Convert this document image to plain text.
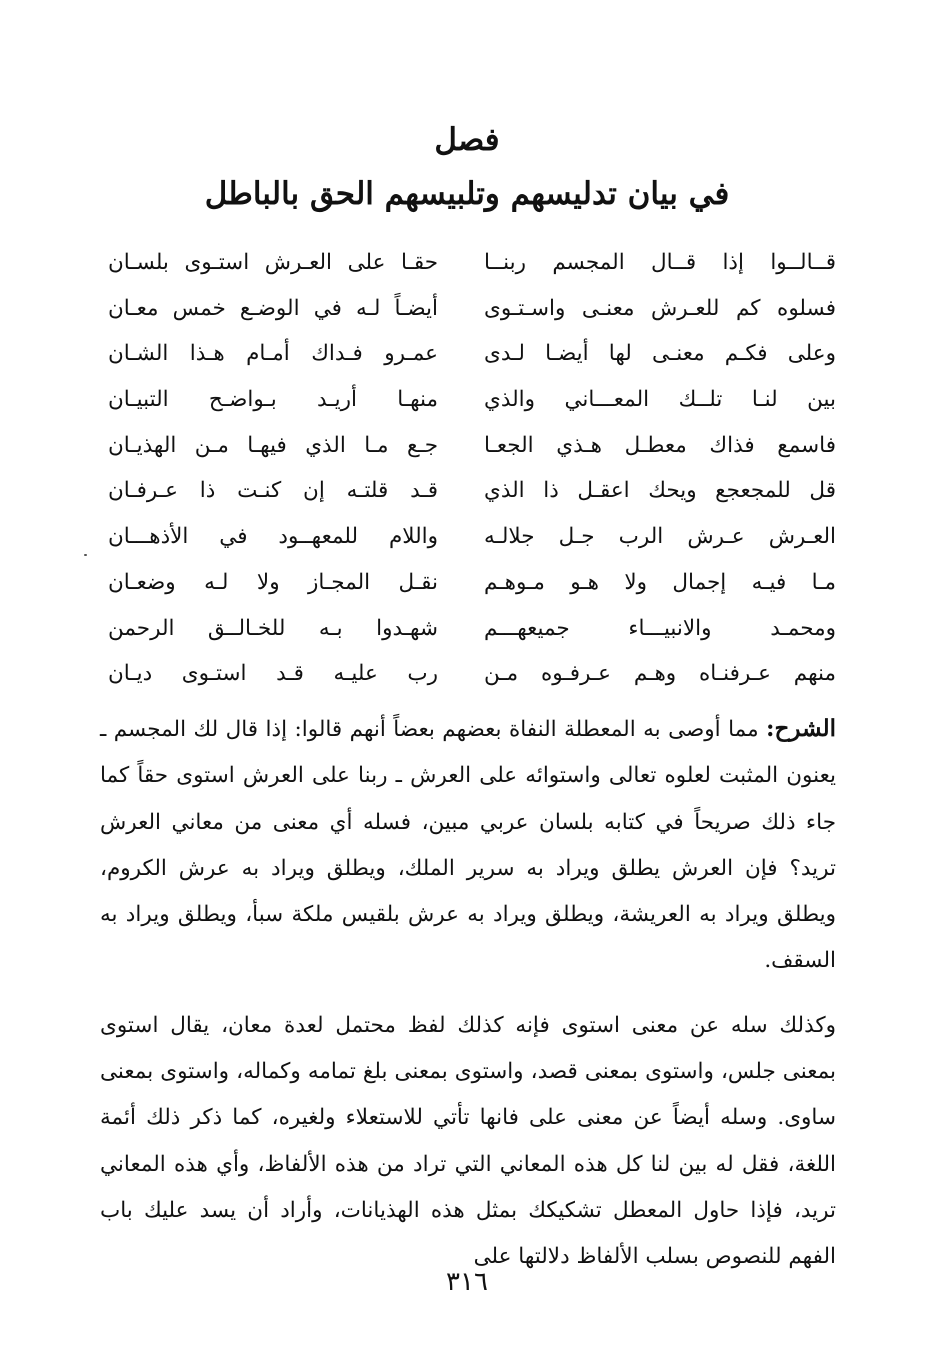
فصل
في بيان تدليسهم وتلبيسهم الحق بالباطل
قــالــوا إذا قــال المجسم ربنــا
حقـا على العـرش استـوى بلسـان
فسلوه كم للعـرش معنـى واسـتـوى
أيضـاً لـه في الوضـع خمس معـان
وعلى فكـم معنـى لها أيضـا لـدى
عمـرو فـداك أمـام هـذا الشـان
بين لنـا تلــك المعـــاني والذي
منهـا أريـد بـواضـح التبيـان
فاسمع فذاك معطـل هـذي الجعـا
جـع مـا الذي فيهـا مـن الهذيـان
قل للمجعجع ويحك اعقـل ذا الذي
قـد قلتـه إن كنـت ذا عـرفـان
العـرش عـرش الرب جـل جلالـه
واللام للمعهــود في الأذهـــان
مـا فيـه إجمال ولا هـو مـوهـم
نقـل المجـاز ولا لـه وضعـان
ومحمـد والانبيـــاء جميعهـــم
شهـدوا بـه للخـالــق الرحمن
منهم عـرفنـاه وهـم عـرفـوه مـن
رب عليـه قـد استـوى ديـان

الشرح: مما أوصى به المعطلة النفاة بعضهم بعضاً أنهم قالوا: إذا قال لك المجسم ـ يعنون المثبت لعلوه تعالى واستوائه على العرش ـ ربنا على العرش استوى حقاً كما جاء ذلك صريحاً في كتابه بلسان عربي مبين، فسله أي معنى من معاني العرش تريد؟ فإن العرش يطلق ويراد به سرير الملك، ويطلق ويراد به عرش الكروم، ويطلق ويراد به العريشة، ويطلق ويراد به عرش بلقيس ملكة سبأ، ويطلق ويراد به السقف.

وكذلك سله عن معنى استوى فإنه كذلك لفظ محتمل لعدة معان، يقال استوى بمعنى جلس، واستوى بمعنى قصد، واستوى بمعنى بلغ تمامه وكماله، واستوى بمعنى ساوى. وسله أيضاً عن معنى على فانها تأتي للاستعلاء ولغيره، كما ذكر ذلك أئمة اللغة، فقل له بين لنا كل هذه المعاني التي تراد من هذه الألفاظ، وأي هذه المعاني تريد، فإذا حاول المعطل تشكيكك بمثل هذه الهذيانات، وأراد أن يسد عليك باب الفهم للنصوص بسلب الألفاظ دلالتها على

٣١٦
